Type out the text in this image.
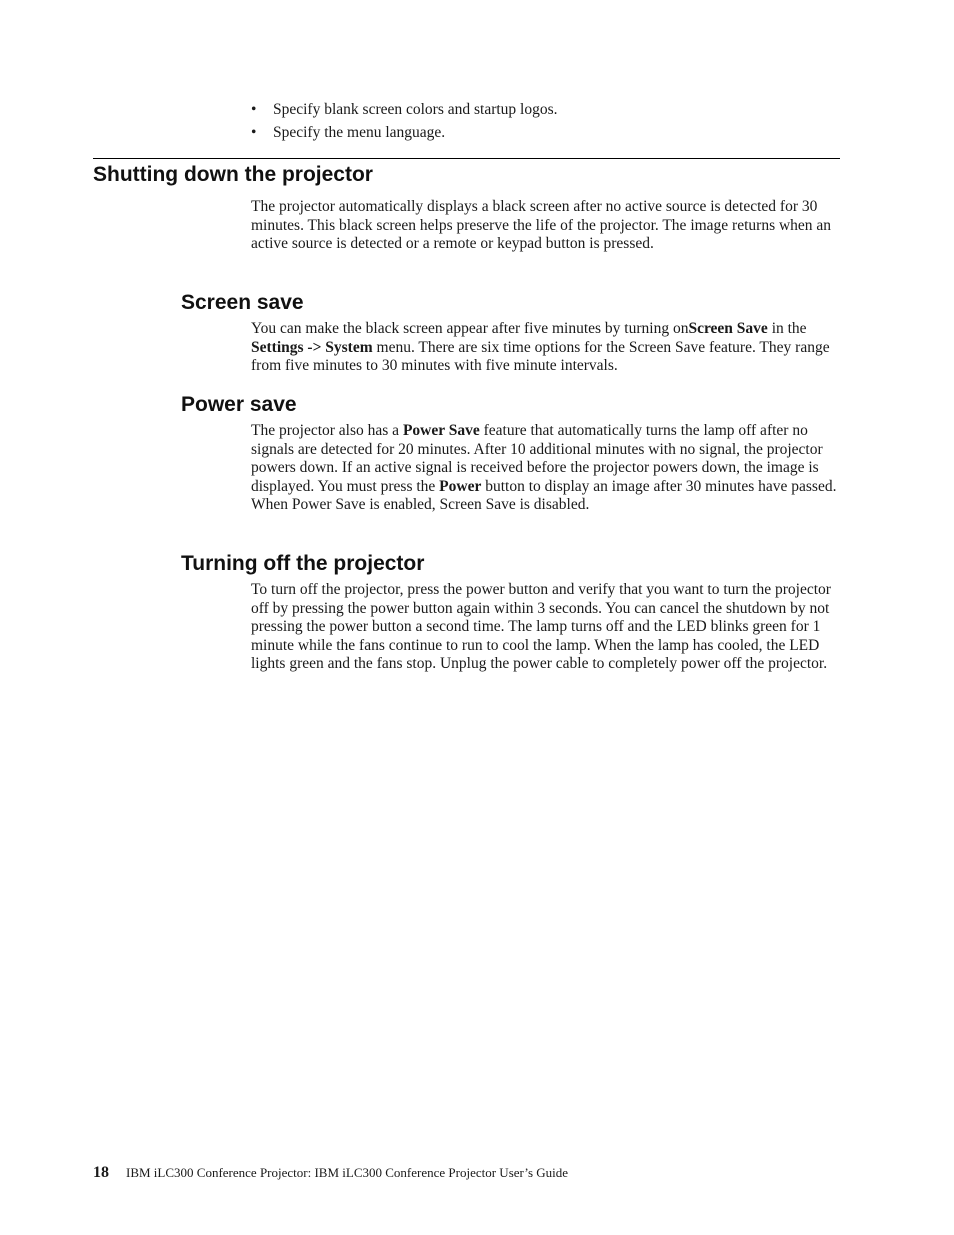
• Specify blank screen colors and startup logos.
• Specify the menu language.
Shutting down the projector

The projector automatically displays a black screen after no active source is detected for 30 minutes. This black screen helps preserve the life of the projector. The image returns when an active source is detected or a remote or keypad button is pressed.

Screen save

You can make the black screen appear after five minutes by turning onScreen Save in the Settings -> System menu. There are six time options for the Screen Save feature. They range from five minutes to 30 minutes with five minute intervals.

Power save

The projector also has a Power Save feature that automatically turns the lamp off after no signals are detected for 20 minutes. After 10 additional minutes with no signal, the projector powers down. If an active signal is received before the projector powers down, the image is displayed. You must press the Power button to display an image after 30 minutes have passed. When Power Save is enabled, Screen Save is disabled.

Turning off the projector

To turn off the projector, press the power button and verify that you want to turn the projector off by pressing the power button again within 3 seconds. You can cancel the shutdown by not pressing the power button a second time. The lamp turns off and the LED blinks green for 1 minute while the fans continue to run to cool the lamp. When the lamp has cooled, the LED lights green and the fans stop. Unplug the power cable to completely power off the projector.

18 IBM iLC300 Conference Projector: IBM iLC300 Conference Projector User’s Guide
